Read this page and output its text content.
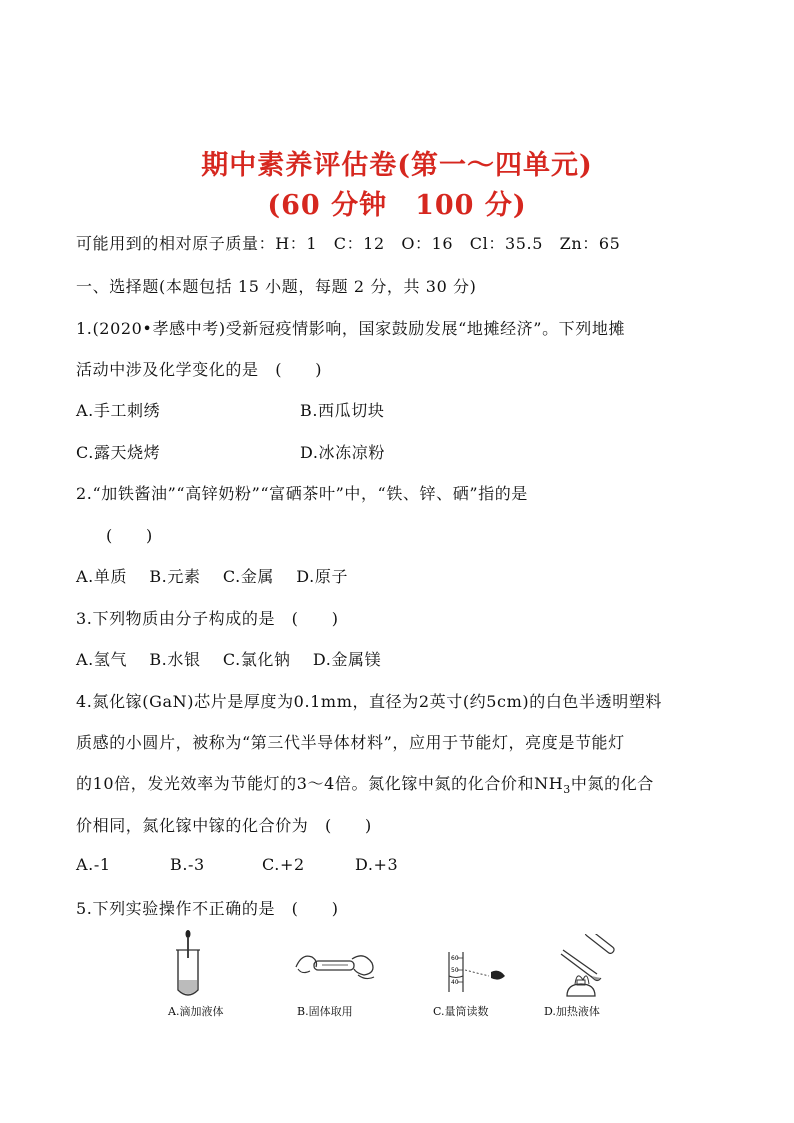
期中素养评估卷(第一～四单元)
(60 分钟　100 分)
可能用到的相对原子质量：H：1　C：12　O：16　Cl：35.5　Zn：65
一、选择题(本题包括 15 小题，每题 2 分，共 30 分)
1.(2020•孝感中考)受新冠疫情影响，国家鼓励发展“地摊经济”。下列地摊
活动中涉及化学变化的是　(　　)
A.手工刺绣	B.西瓜切块
C.露天烧烤	D.冰冻凉粉
2.“加铁酱油”“高锌奶粉”“富硒茶叶”中，“铁、锌、硒”指的是
(　　)
A.单质　 B.元素　 C.金属　 D.原子
3.下列物质由分子构成的是　(　　)
A.氢气　 B.水银　 C.氯化钠　 D.金属镁
4.氮化镓(GaN)芯片是厚度为0.1mm，直径为2英寸(约5cm)的白色半透明塑料
质感的小圆片，被称为“第三代半导体材料”，应用于节能灯，亮度是节能灯
的10倍，发光效率为节能灯的3～4倍。氮化镓中氮的化合价和$NH_3$中氮的化合
价相同，氮化镓中镓的化合价为　(　　)
A.-1	B.-3	C.+2	D.+3
5.下列实验操作不正确的是　(　　)
60
50
40
A.滴加液体	B.固体取用	C.量筒读数	D.加热液体
